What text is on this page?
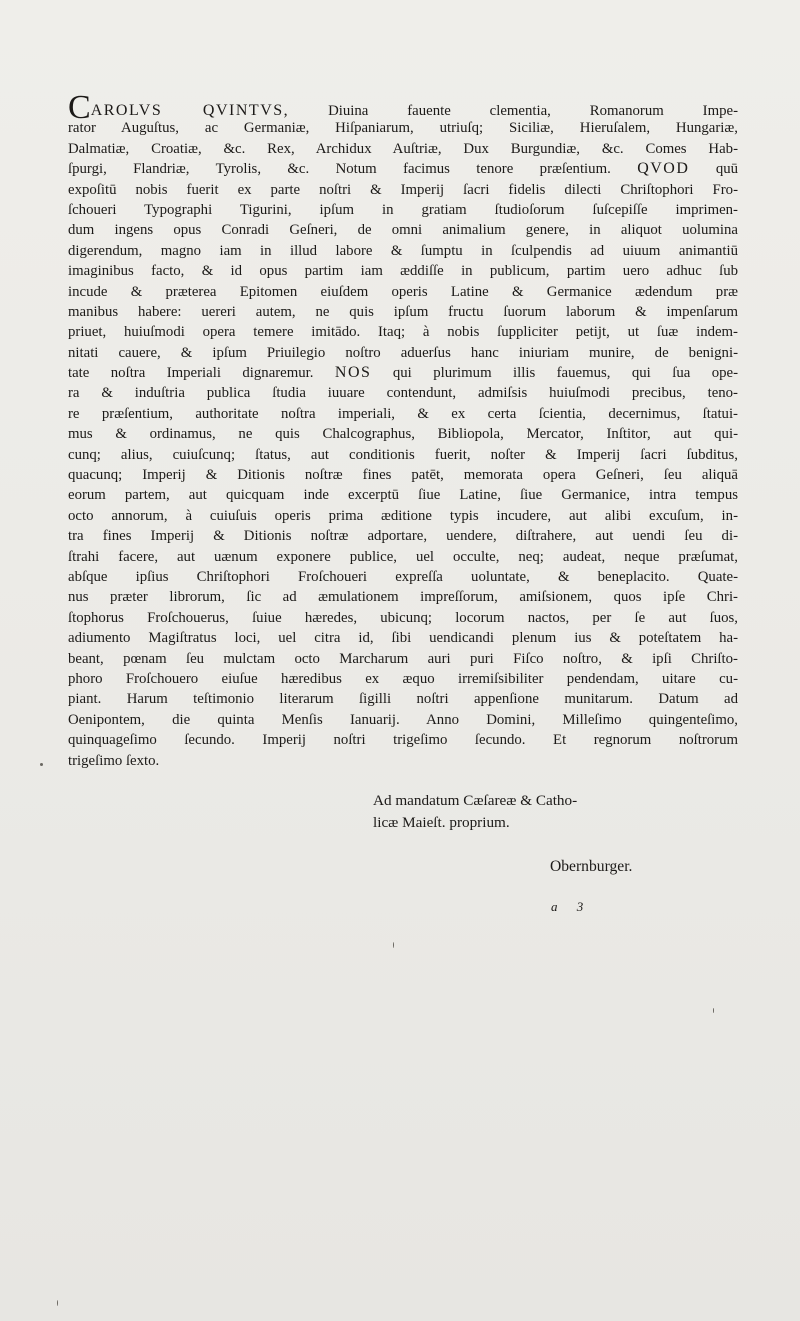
CAROLVS QVINTVS,	Diuina fauente clementia, Romanorum Impe-
rator Auguſtus, ac Germaniæ, Hiſpaniarum, utriuſq; Siciliæ, Hieruſalem, Hungariæ,
Dalmatiæ, Croatiæ, &c. Rex, Archidux Auſtriæ, Dux Burgundiæ, &c. Comes Hab-
ſpurgi, Flandriæ, Tyrolis, &c. Notum facimus tenore præſentium. QVOD quū
expoſitū nobis fuerit ex parte noſtri & Imperij ſacri fidelis dilecti Chriſtophori Fro-
ſchoueri Typographi Tigurini, ipſum in gratiam ſtudioſorum ſuſcepiſſe imprimen-
dum ingens opus Conradi Geſneri, de omni animalium genere, in aliquot uolumina
digerendum, magno iam in illud labore & ſumptu in ſculpendis ad uiuum animantiū
imaginibus facto, & id opus partim iam æddiſſe in publicum, partim uero adhuc ſub
incude & præterea Epitomen eiuſdem operis Latine & Germanice ædendum præ
manibus habere: uereri autem, ne quis ipſum fructu ſuorum laborum & impenſarum
priuet, huiuſmodi opera temere imitādo. Itaq; à nobis ſuppliciter petijt, ut ſuæ indem-
nitati cauere, & ipſum Priuilegio noſtro aduerſus hanc iniuriam munire, de benigni-
tate noſtra Imperiali dignaremur. NOS qui plurimum illis fauemus, qui ſua ope-
ra & induſtria publica ſtudia iuuare contendunt, admiſsis huiuſmodi precibus, teno-
re præſentium, authoritate noſtra imperiali, & ex certa ſcientia, decernimus, ſtatui-
mus & ordinamus, ne quis Chalcographus, Bibliopola, Mercator, Inſtitor, aut qui-
cunq; alius, cuiuſcunq; ſtatus, aut conditionis fuerit, noſter & Imperij ſacri ſubditus,
quacunq; Imperij & Ditionis noſtræ fines patēt, memorata opera Geſneri, ſeu aliquā
eorum partem, aut quicquam inde excerptū ſiue Latine, ſiue Germanice, intra tempus
octo annorum, à cuiuſuis operis prima æditione typis incudere, aut alibi excuſum, in-
tra fines Imperij & Ditionis noſtræ adportare, uendere, diſtrahere, aut uendi ſeu di-
ſtrahi facere, aut uænum exponere publice, uel occulte, neq; audeat, neque præſumat,
abſque ipſius Chriſtophori Froſchoueri expreſſa uoluntate, & beneplacito. Quate-
nus præter librorum, ſic ad æmulationem impreſſorum, amiſsionem, quos ipſe Chri-
ſtophorus Froſchouerus, ſuiue hæredes, ubicunq; locorum nactos, per ſe aut ſuos,
adiumento Magiſtratus loci, uel citra id, ſibi uendicandi plenum ius & poteſtatem ha-
beant, pœnam ſeu mulctam octo Marcharum auri puri Fiſco noſtro, & ipſi Chriſto-
phoro Froſchouero eiuſue hæredibus ex æquo irremiſsibiliter pendendam, uitare cu-
piant. Harum teſtimonio literarum ſigilli noſtri appenſione munitarum. Datum ad
Oenipontem, die quinta Menſis Ianuarij. Anno Domini, Milleſimo quingenteſimo,
quinquageſimo ſecundo. Imperij noſtri trigeſimo ſecundo. Et regnorum noſtrorum
trigeſimo ſexto.
Ad mandatum Cæſareæ & Catho-
licæ Maieſt. proprium.
Obernburger.
a 3
